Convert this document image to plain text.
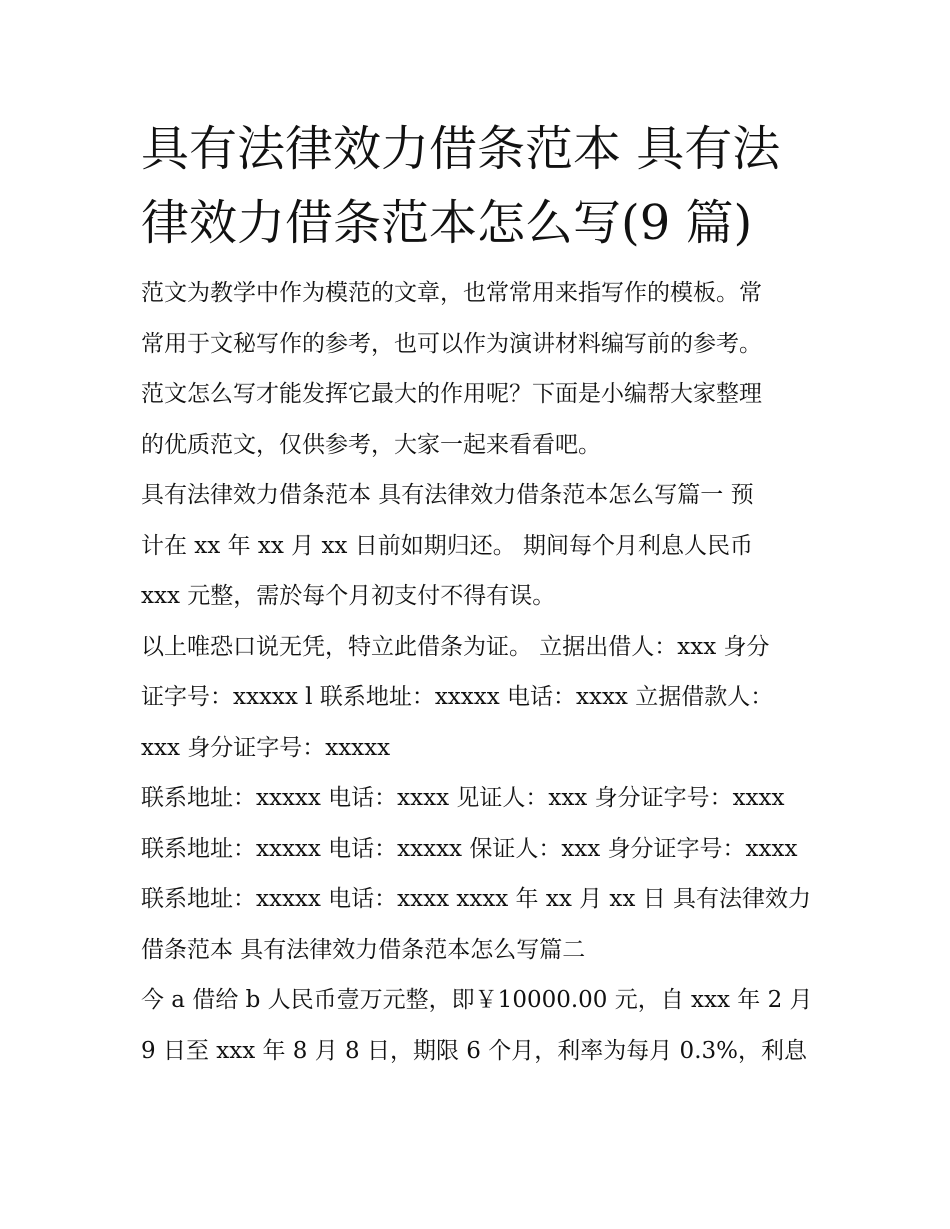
具有法律效力借条范本 具有法
律效力借条范本怎么写(9 篇)

范文为教学中作为模范的文章，也常常用来指写作的模板。常
常用于文秘写作的参考，也可以作为演讲材料编写前的参考。
范文怎么写才能发挥它最大的作用呢？下面是小编帮大家整理
的优质范文，仅供参考，大家一起来看看吧。

具有法律效力借条范本 具有法律效力借条范本怎么写篇一 预
计在 xx 年 xx 月 xx 日前如期归还。 期间每个月利息人民币
xxx 元整，需於每个月初支付不得有误。

以上唯恐口说无凭，特立此借条为证。 立据出借人：xxx 身分
证字号：xxxxx l 联系地址：xxxxx 电话：xxxx 立据借款人：
xxx 身分证字号：xxxxx

联系地址：xxxxx 电话：xxxx 见证人：xxx 身分证字号：xxxx
联系地址：xxxxx 电话：xxxxx 保证人：xxx 身分证字号：xxxx
联系地址：xxxxx 电话：xxxx xxxx 年 xx 月 xx 日 具有法律效力
借条范本 具有法律效力借条范本怎么写篇二

今 a 借给 b 人民币壹万元整，即￥10000.00 元，自 xxx 年 2 月
9 日至 xxx 年 8 月 8 日，期限 6 个月，利率为每月 0.3%，利息
